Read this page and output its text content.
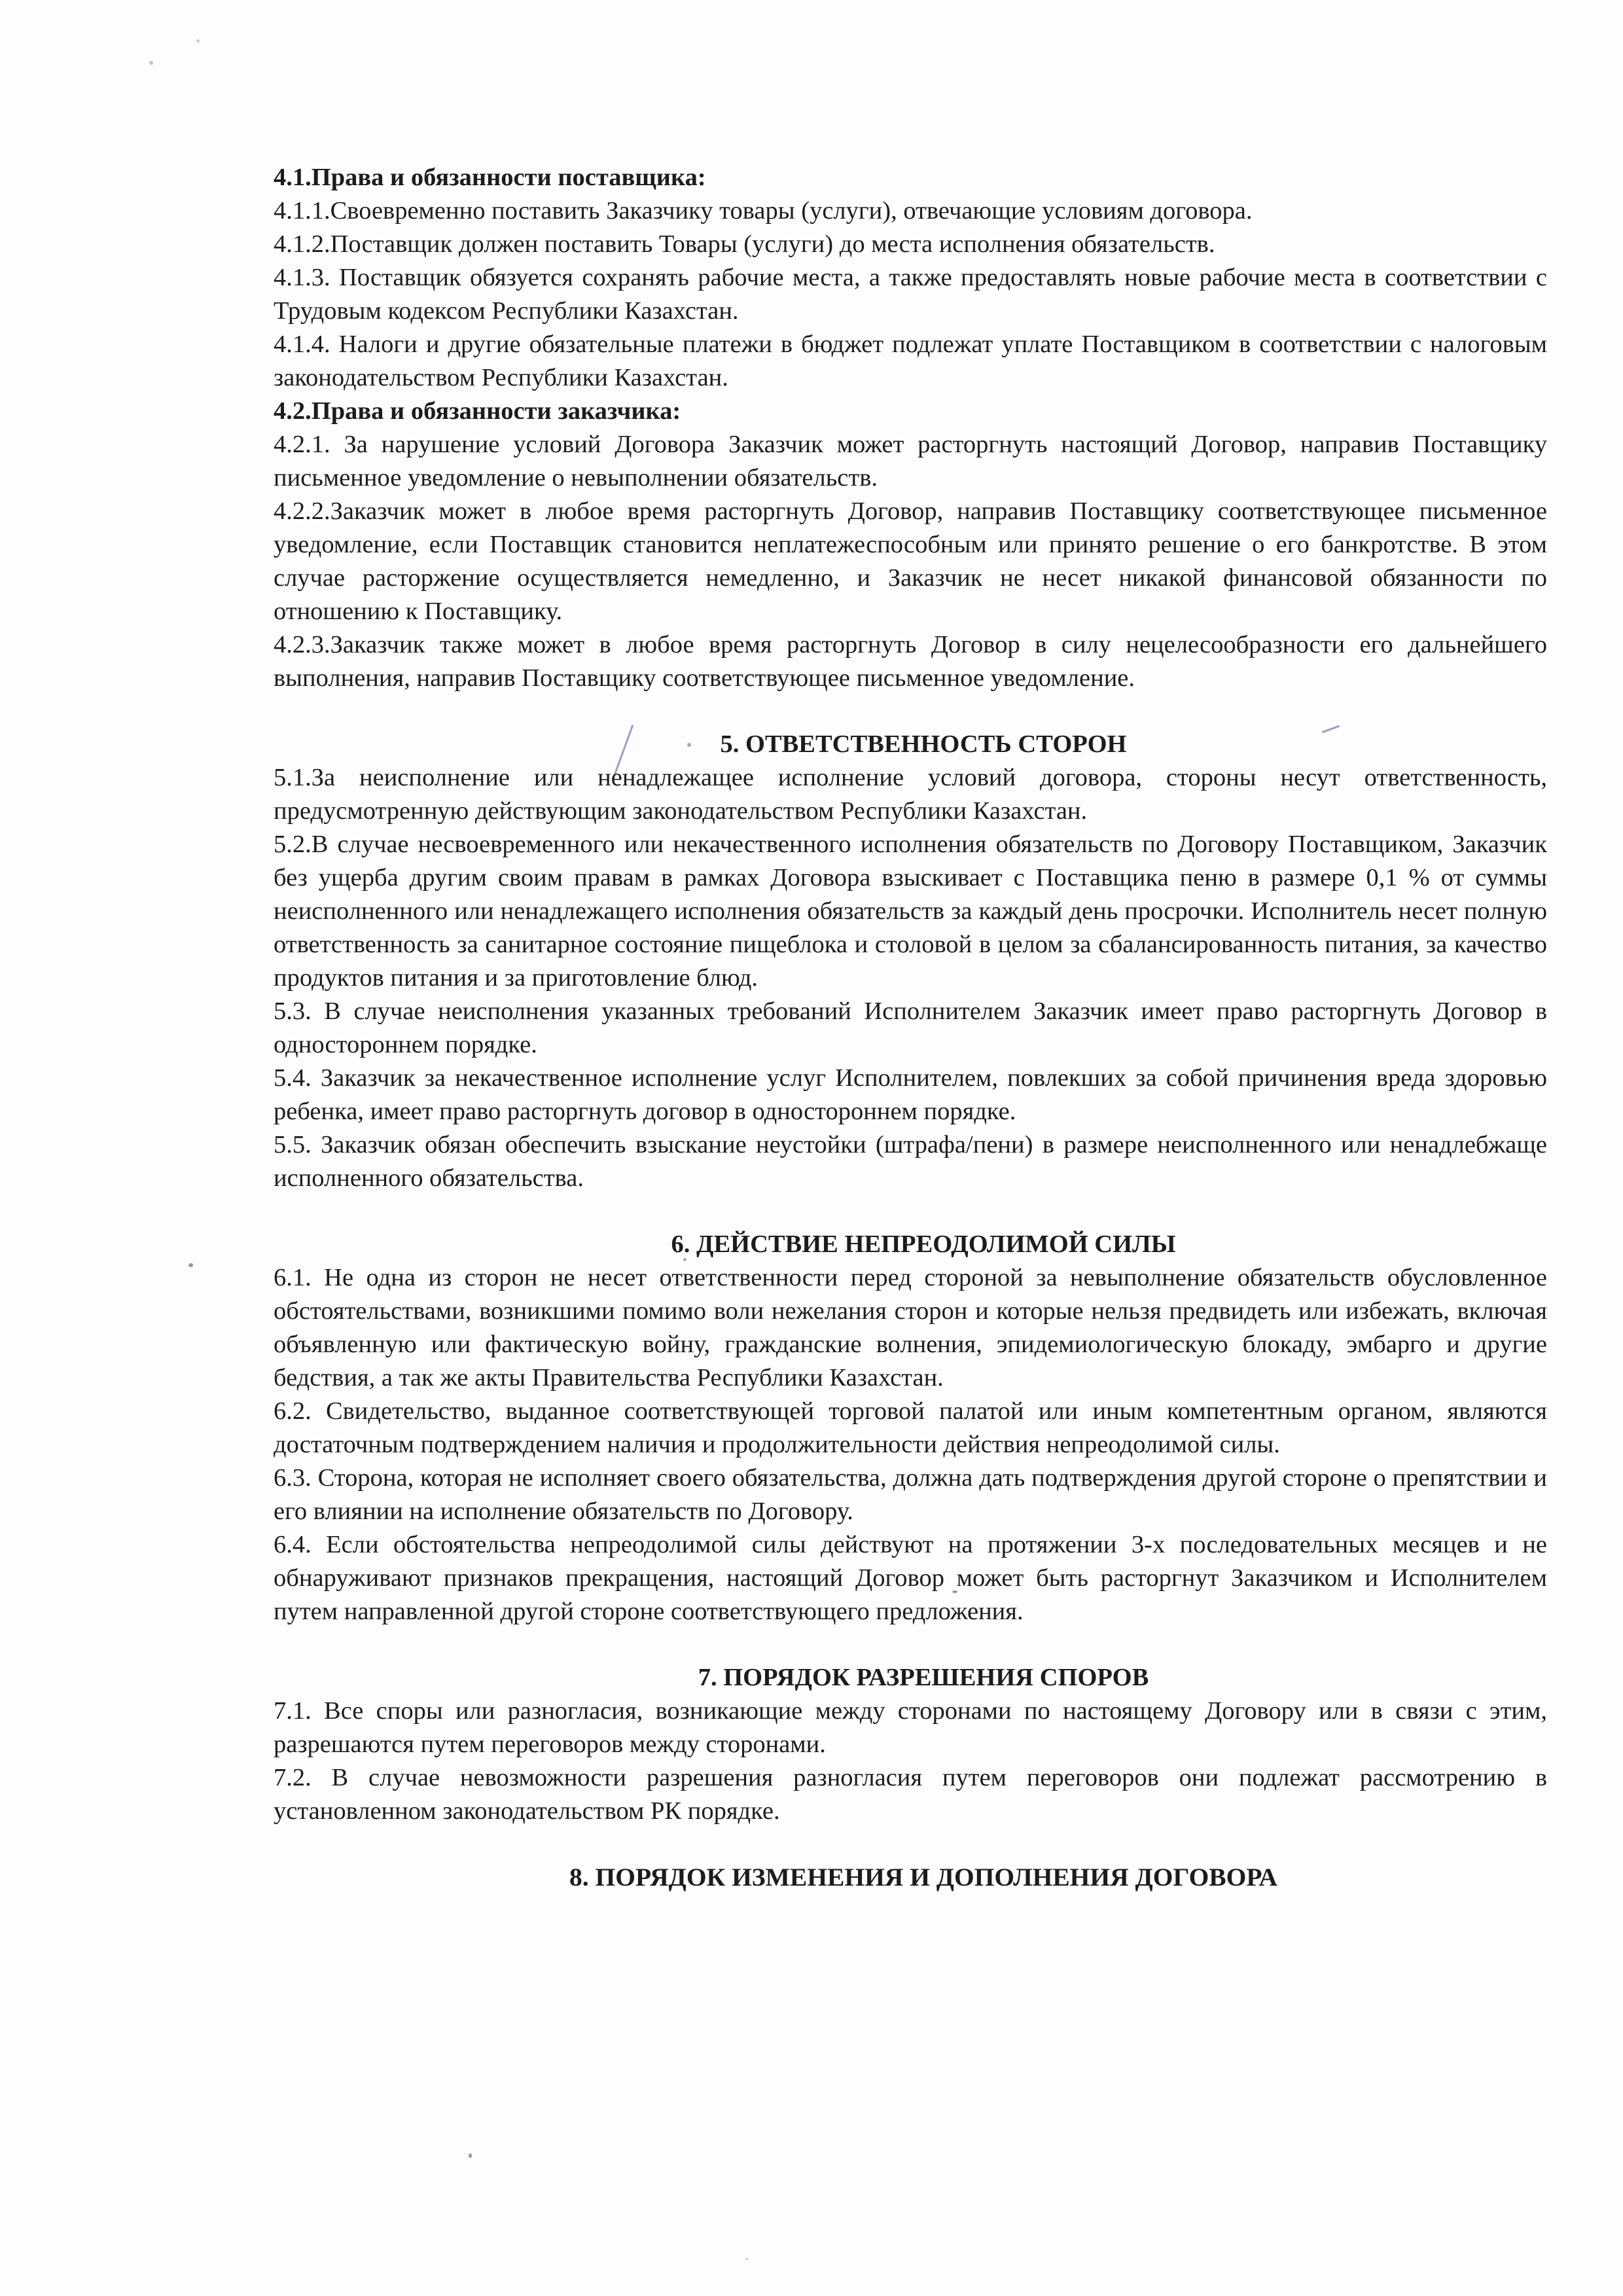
4.1.Права и обязанности поставщика:

4.1.1.Своевременно поставить Заказчику товары (услуги), отвечающие условиям договора.

4.1.2.Поставщик должен поставить Товары (услуги) до места исполнения обязательств.

4.1.3. Поставщик обязуется сохранять рабочие места, а также предоставлять новые рабочие места в соответствии с Трудовым кодексом Республики Казахстан.

4.1.4. Налоги и другие обязательные платежи в бюджет подлежат уплате Поставщиком в соответствии с налоговым законодательством Республики Казахстан.

4.2.Права и обязанности заказчика:

4.2.1. За нарушение условий Договора Заказчик может расторгнуть настоящий Договор, направив Поставщику письменное уведомление о невыполнении обязательств.

4.2.2.Заказчик может в любое время расторгнуть Договор, направив Поставщику соответствующее письменное уведомление, если Поставщик становится неплатежеспособным или принято решение о его банкротстве. В этом случае расторжение осуществляется немедленно, и Заказчик не несет никакой финансовой обязанности по отношению к Поставщику.

4.2.3.Заказчик также может в любое время расторгнуть Договор в силу нецелесообразности его дальнейшего выполнения, направив Поставщику соответствующее письменное уведомление.

5. ОТВЕТСТВЕННОСТЬ СТОРОН

5.1.За неисполнение или ненадлежащее исполнение условий договора, стороны несут ответственность, предусмотренную действующим законодательством Республики Казахстан.

5.2.В случае несвоевременного или некачественного исполнения обязательств по Договору Поставщиком, Заказчик без ущерба другим своим правам в рамках Договора взыскивает с Поставщика пеню в размере 0,1 % от суммы неисполненного или ненадлежащего исполнения обязательств за каждый день просрочки. Исполнитель несет полную ответственность за санитарное состояние пищеблока и столовой в целом за сбалансированность питания, за качество продуктов питания и за приготовление блюд.

5.3. В случае неисполнения указанных требований Исполнителем Заказчик имеет право расторгнуть Договор в одностороннем порядке.

5.4. Заказчик за некачественное исполнение услуг Исполнителем, повлекших за собой причинения вреда здоровью ребенка, имеет право расторгнуть договор в одностороннем порядке.

5.5. Заказчик обязан обеспечить взыскание неустойки (штрафа/пени) в размере неисполненного или ненадлебжаще исполненного обязательства.

6. ДЕЙСТВИЕ НЕПРЕОДОЛИМОЙ СИЛЫ

6.1. Не одна из сторон не несет ответственности перед стороной за невыполнение обязательств обусловленное обстоятельствами, возникшими помимо воли нежелания сторон и которые нельзя предвидеть или избежать, включая объявленную или фактическую войну, гражданские волнения, эпидемиологическую блокаду, эмбарго и другие бедствия, а так же акты Правительства Республики Казахстан.

6.2. Свидетельство, выданное соответствующей торговой палатой или иным компетентным органом, являются достаточным подтверждением наличия и продолжительности действия непреодолимой силы.

6.3. Сторона, которая не исполняет своего обязательства, должна дать подтверждения другой стороне о препятствии и его влиянии на исполнение обязательств по Договору.

6.4. Если обстоятельства непреодолимой силы действуют на протяжении 3-х последовательных месяцев и не обнаруживают признаков прекращения, настоящий Договор может быть расторгнут Заказчиком и Исполнителем путем направленной другой стороне соответствующего предложения.

7. ПОРЯДОК РАЗРЕШЕНИЯ СПОРОВ

7.1. Все споры или разногласия, возникающие между сторонами по настоящему Договору или в связи с этим, разрешаются путем переговоров между сторонами.

7.2. В случае невозможности разрешения разногласия путем переговоров они подлежат рассмотрению в установленном законодательством РК порядке.

8. ПОРЯДОК ИЗМЕНЕНИЯ И ДОПОЛНЕНИЯ ДОГОВОРА
